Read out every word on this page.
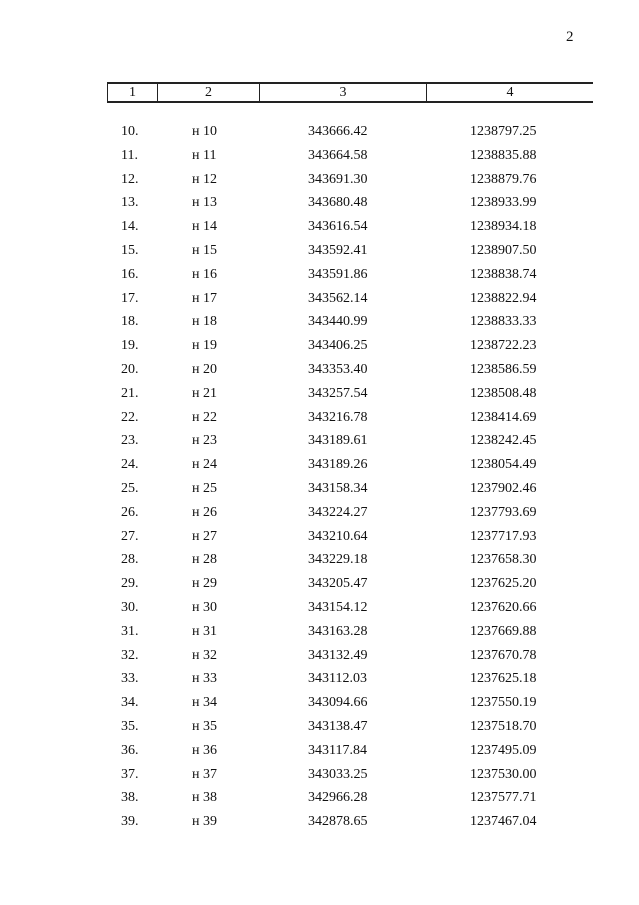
2
1	2	3	4
10.	н 10	343666.42	1238797.25
11.	н 11	343664.58	1238835.88
12.	н 12	343691.30	1238879.76
13.	н 13	343680.48	1238933.99
14.	н 14	343616.54	1238934.18
15.	н 15	343592.41	1238907.50
16.	н 16	343591.86	1238838.74
17.	н 17	343562.14	1238822.94
18.	н 18	343440.99	1238833.33
19.	н 19	343406.25	1238722.23
20.	н 20	343353.40	1238586.59
21.	н 21	343257.54	1238508.48
22.	н 22	343216.78	1238414.69
23.	н 23	343189.61	1238242.45
24.	н 24	343189.26	1238054.49
25.	н 25	343158.34	1237902.46
26.	н 26	343224.27	1237793.69
27.	н 27	343210.64	1237717.93
28.	н 28	343229.18	1237658.30
29.	н 29	343205.47	1237625.20
30.	н 30	343154.12	1237620.66
31.	н 31	343163.28	1237669.88
32.	н 32	343132.49	1237670.78
33.	н 33	343112.03	1237625.18
34.	н 34	343094.66	1237550.19
35.	н 35	343138.47	1237518.70
36.	н 36	343117.84	1237495.09
37.	н 37	343033.25	1237530.00
38.	н 38	342966.28	1237577.71
39.	н 39	342878.65	1237467.04
